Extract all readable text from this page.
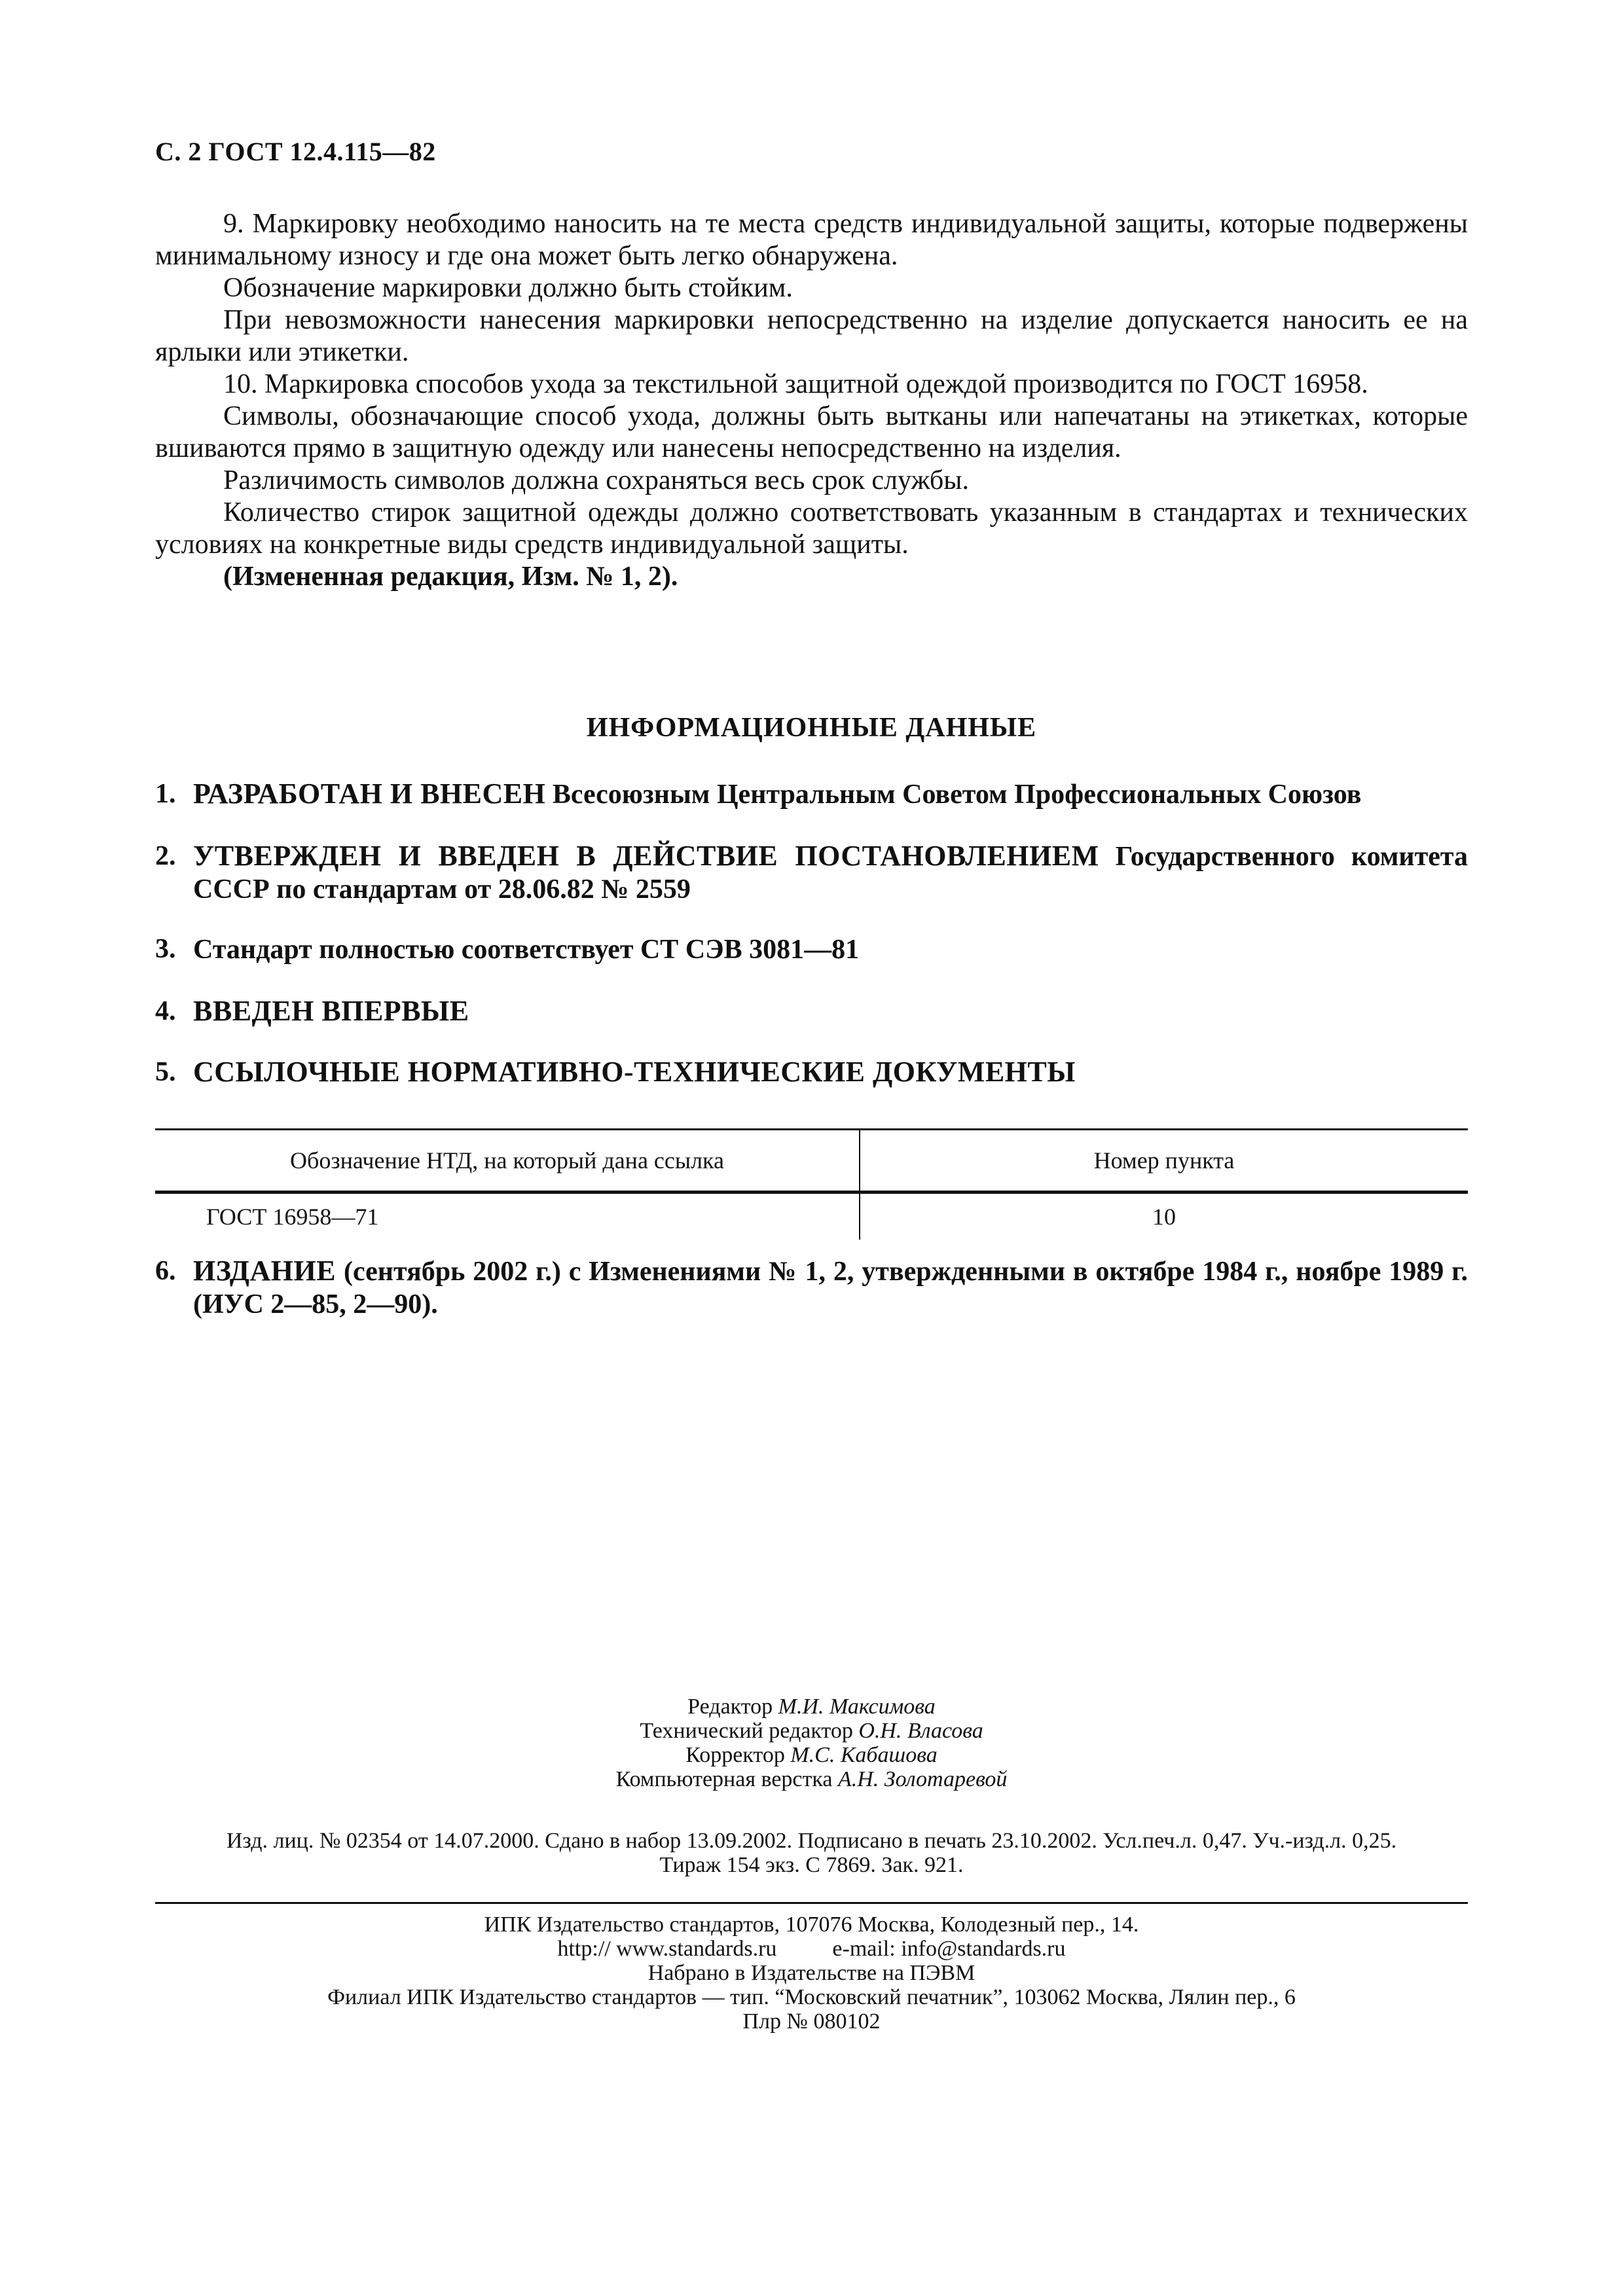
С. 2 ГОСТ 12.4.115—82

9. Маркировку необходимо наносить на те места средств индивидуальной защиты, которые подвержены минимальному износу и где она может быть легко обнаружена.

Обозначение маркировки должно быть стойким.

При невозможности нанесения маркировки непосредственно на изделие допускается наносить ее на ярлыки или этикетки.

10. Маркировка способов ухода за текстильной защитной одеждой производится по ГОСТ 16958.

Символы, обозначающие способ ухода, должны быть вытканы или напечатаны на этикетках, которые вшиваются прямо в защитную одежду или нанесены непосредственно на изделия.

Различимость символов должна сохраняться весь срок службы.

Количество стирок защитной одежды должно соответствовать указанным в стандартах и технических условиях на конкретные виды средств индивидуальной защиты.

(Измененная редакция, Изм. № 1, 2).

ИНФОРМАЦИОННЫЕ ДАННЫЕ
1. РАЗРАБОТАН И ВНЕСЕН Всесоюзным Центральным Советом Профессиональных Союзов
2. УТВЕРЖДЕН И ВВЕДЕН В ДЕЙСТВИЕ ПОСТАНОВЛЕНИЕМ Государственного комитета СССР по стандартам от 28.06.82 № 2559
3. Стандарт полностью соответствует СТ СЭВ 3081—81
4. ВВЕДЕН ВПЕРВЫЕ
5. ССЫЛОЧНЫЕ НОРМАТИВНО-ТЕХНИЧЕСКИЕ ДОКУМЕНТЫ
Обозначение НТД, на который дана ссылка	Номер пункта
ГОСТ 16958—71	10
6. ИЗДАНИЕ (сентябрь 2002 г.) с Изменениями № 1, 2, утвержденными в октябре 1984 г., ноябре 1989 г. (ИУС 2—85, 2—90).
Редактор М.И. Максимова
Технический редактор О.Н. Власова
Корректор М.С. Кабашова
Компьютерная верстка А.Н. Золотаревой
Изд. лиц. № 02354 от 14.07.2000. Сдано в набор 13.09.2002. Подписано в печать 23.10.2002. Усл.печ.л. 0,47. Уч.-изд.л. 0,25.
Тираж 154 экз. С 7869. Зак. 921.
ИПК Издательство стандартов, 107076 Москва, Колодезный пер., 14.
http:// www.standards.ru          e-mail: info@standards.ru
Набрано в Издательстве на ПЭВМ
Филиал ИПК Издательство стандартов — тип. “Московский печатник”, 103062 Москва, Лялин пер., 6
Плр № 080102
